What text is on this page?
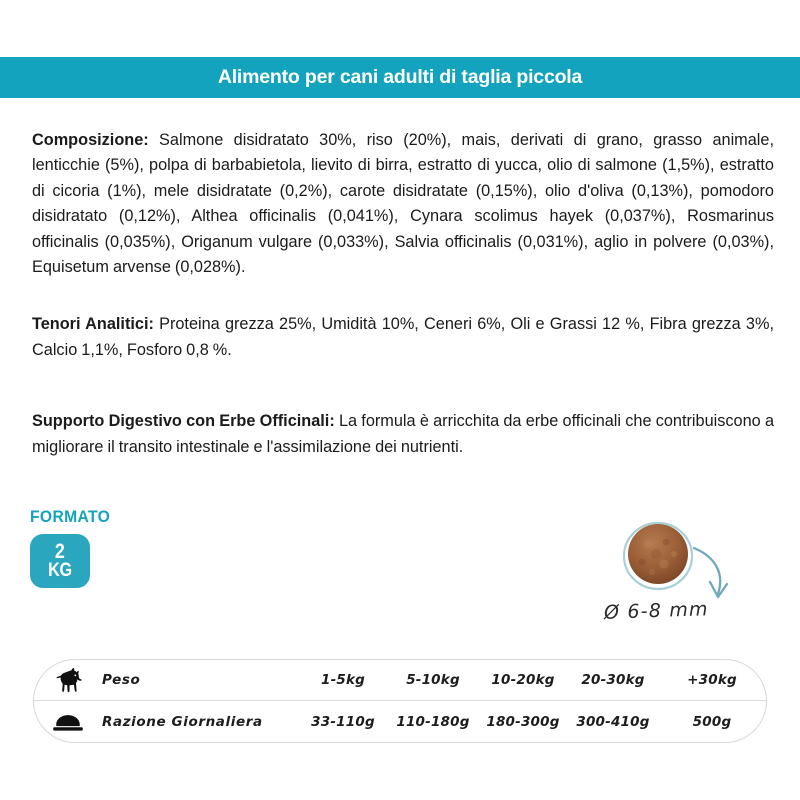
Alimento per cani adulti di taglia piccola

Composizione: Salmone disidratato 30%, riso (20%), mais, derivati di grano, grasso animale, lenticchie (5%), polpa di barbabietola, lievito di birra, estratto di yucca, olio di salmone (1,5%), estratto di cicoria (1%), mele disidratate (0,2%), carote disidratate (0,15%), olio d'oliva (0,13%), pomodoro disidratato (0,12%), Althea officinalis (0,041%), Cynara scolimus hayek (0,037%), Rosmarinus officinalis (0,035%), Origanum vulgare (0,033%), Salvia officinalis (0,031%), aglio in polvere (0,03%), Equisetum arvense (0,028%).

Tenori Analitici: Proteina grezza 25%, Umidità 10%, Ceneri 6%, Oli e Grassi 12 %, Fibra grezza 3%, Calcio 1,1%, Fosforo 0,8 %.

Supporto Digestivo con Erbe Officinali: La formula è arricchita da erbe officinali che contribuiscono a migliorare il transito intestinale e l'assimilazione dei nutrienti.

FORMATO
2
KG
Ø 6-8 mm
Peso	1-5kg	5-10kg	10-20kg	20-30kg	+30kg
Razione Giornaliera	33-110g	110-180g	180-300g	300-410g	500g
